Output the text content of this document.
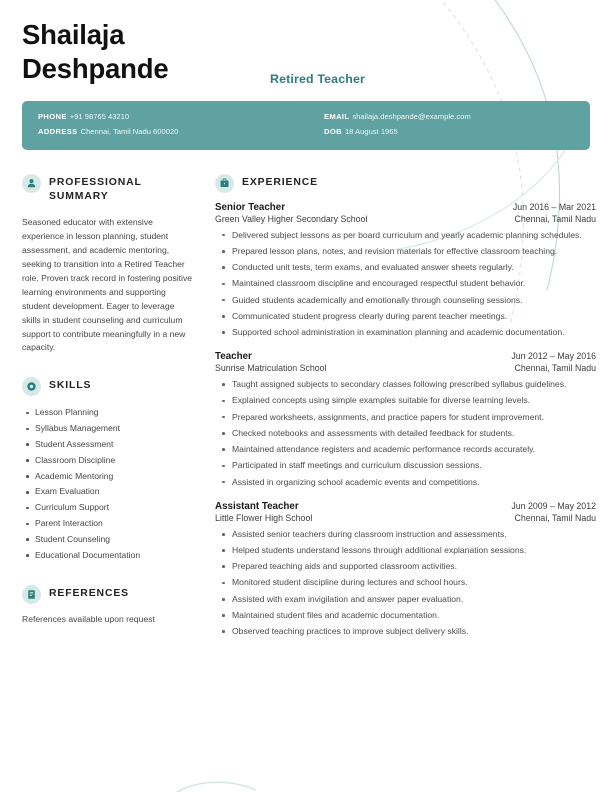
Shailaja
Deshpande	Retired Teacher
PHONE +91 98765 43210
ADDRESS Chennai, Tamil Nadu 600020
EMAIL shailaja.deshpande@example.com
DOB 18 August 1965
PROFESSIONAL
SUMMARY
Seasoned educator with extensive experience in lesson planning, student assessment, and academic mentoring, seeking to transition into a Retired Teacher role. Proven track record in fostering positive learning environments and supporting student development. Eager to leverage skills in student counseling and curriculum support to contribute meaningfully in a new capacity.
SKILLS
Lesson Planning
Syllabus Management
Student Assessment
Classroom Discipline
Academic Mentoring
Exam Evaluation
Curriculum Support
Parent Interaction
Student Counseling
Educational Documentation
REFERENCES
References available upon request
EXPERIENCE
Senior Teacher	Jun 2016 – Mar 2021
Green Valley Higher Secondary School	Chennai, Tamil Nadu
Delivered subject lessons as per board curriculum and yearly academic planning schedules.
Prepared lesson plans, notes, and revision materials for effective classroom teaching.
Conducted unit tests, term exams, and evaluated answer sheets regularly.
Maintained classroom discipline and encouraged respectful student behavior.
Guided students academically and emotionally through counseling sessions.
Communicated student progress clearly during parent teacher meetings.
Supported school administration in examination planning and academic documentation.
Teacher	Jun 2012 – May 2016
Sunrise Matriculation School	Chennai, Tamil Nadu
Taught assigned subjects to secondary classes following prescribed syllabus guidelines.
Explained concepts using simple examples suitable for diverse learning levels.
Prepared worksheets, assignments, and practice papers for student improvement.
Checked notebooks and assessments with detailed feedback for students.
Maintained attendance registers and academic performance records accurately.
Participated in staff meetings and curriculum discussion sessions.
Assisted in organizing school academic events and competitions.
Assistant Teacher	Jun 2009 – May 2012
Little Flower High School	Chennai, Tamil Nadu
Assisted senior teachers during classroom instruction and assessments.
Helped students understand lessons through additional explanation sessions.
Prepared teaching aids and supported classroom activities.
Monitored student discipline during lectures and school hours.
Assisted with exam invigilation and answer paper evaluation.
Maintained student files and academic documentation.
Observed teaching practices to improve subject delivery skills.
